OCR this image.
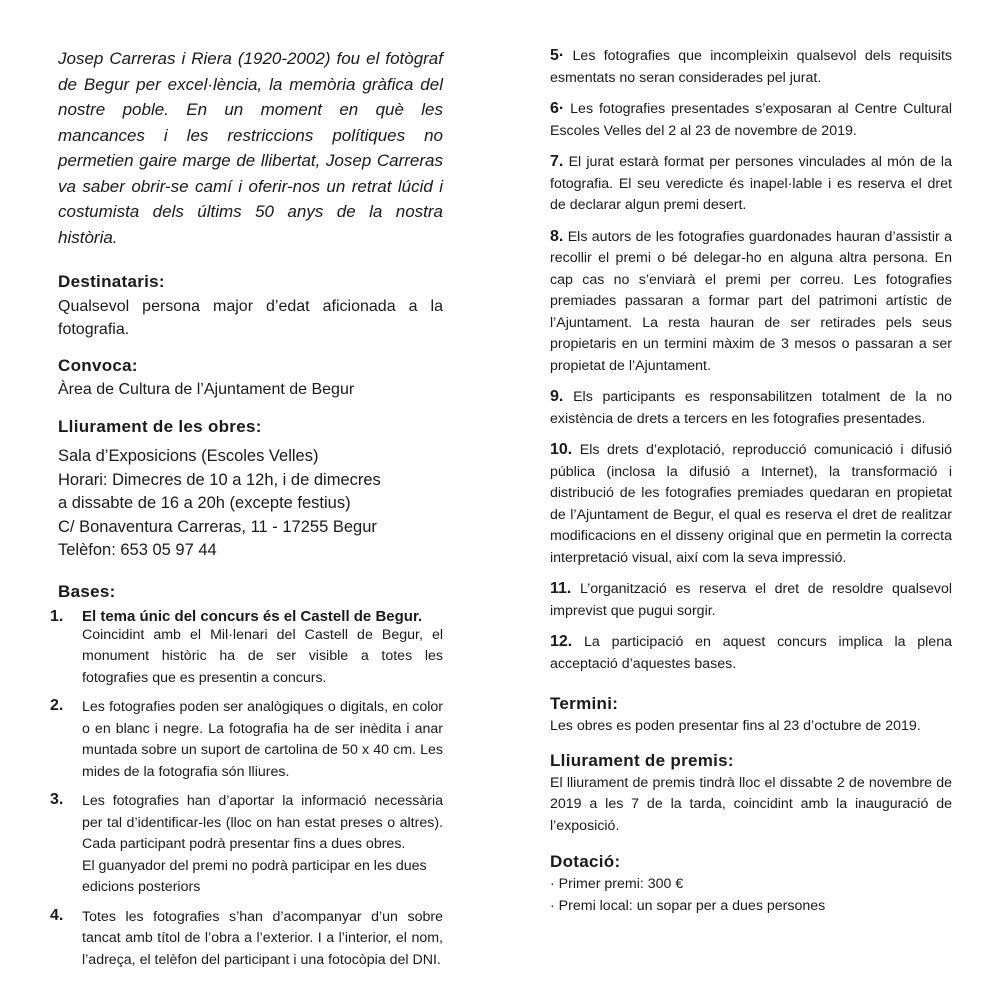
Josep Carreras i Riera (1920-2002) fou el fotògraf de Begur per excel·lència, la memòria gràfica del nostre poble. En un moment en què les mancances i les restriccions polítiques no permetien gaire marge de llibertat, Josep Carreras va saber obrir-se camí i oferir-nos un retrat lúcid i costumista dels últims 50 anys de la nostra història.

Destinataris:

Qualsevol persona major d’edat aficionada a la fotografia.

Convoca:

Àrea de Cultura de l’Ajuntament de Begur

Lliurament de les obres:
Sala d’Exposicions (Escoles Velles)
Horari: Dimecres de 10 a 12h, i de dimecres
a dissabte de 16 a 20h (excepte festius)
C/ Bonaventura Carreras, 11 - 17255 Begur
Telèfon: 653 05 97 44
Bases:
1. El tema únic del concurs és el Castell de Begur.

Coincidint amb el Mil·lenari del Castell de Begur, el monument històric ha de ser visible a totes les fotografies que es presentin a concurs.

2. Les fotografies poden ser analògiques o digitals, en color o en blanc i negre. La fotografia ha de ser inèdita i anar muntada sobre un suport de cartolina de 50 x 40 cm. Les mides de la fotografia són lliures.

3. Les fotografies han d’aportar la informació necessària per tal d’identificar-les (lloc on han estat preses o altres). Cada participant podrà presentar fins a dues obres.

El guanyador del premi no podrà participar en les dues edicions posteriors

4. Totes les fotografies s’han d’acompanyar d’un sobre tancat amb títol de l’obra a l’exterior. I a l’interior, el nom, l’adreça, el telèfon del participant i una fotocòpia del DNI.

5· Les fotografies que incompleixin qualsevol dels requisits esmentats no seran considerades pel jurat.
6· Les fotografies presentades s’exposaran al Centre Cultural Escoles Velles del 2 al 23 de novembre de 2019.
7. El jurat estarà format per persones vinculades al món de la fotografia. El seu veredicte és inapel·lable i es reserva el dret de declarar algun premi desert.
8. Els autors de les fotografies guardonades hauran d’assistir a recollir el premi o bé delegar-ho en alguna altra persona. En cap cas no s’enviarà el premi per correu. Les fotografies premiades passaran a formar part del patrimoni artístic de l’Ajuntament. La resta hauran de ser retirades pels seus propietaris en un termini màxim de 3 mesos o passaran a ser propietat de l’Ajuntament.
9. Els participants es responsabilitzen totalment de la no existència de drets a tercers en les fotografies presentades.
10. Els drets d’explotació, reproducció comunicació i difusió pública (inclosa la difusió a Internet), la transformació i distribució de les fotografies premiades quedaran en propietat de l’Ajuntament de Begur, el qual es reserva el dret de realitzar modificacions en el disseny original que en permetin la correcta interpretació visual, així com la seva impressió.
11. L’organització es reserva el dret de resoldre qualsevol imprevist que pugui sorgir.
12. La participació en aquest concurs implica la plena acceptació d’aquestes bases.
Termini:

Les obres es poden presentar fins al 23 d’octubre de 2019.

Lliurament de premis:

El lliurament de premis tindrà lloc el dissabte 2 de novembre de 2019 a les 7 de la tarda, coincidint amb la inauguració de l’exposició.

Dotació:
· Primer premi: 300 €
· Premi local: un sopar per a dues persones
